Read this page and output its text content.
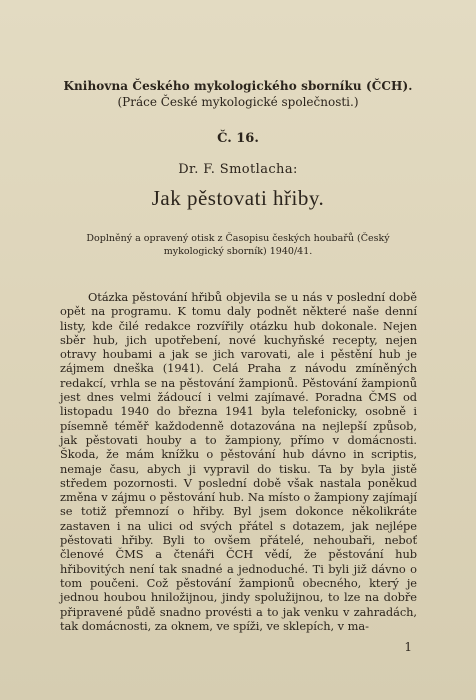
Knihovna Českého mykologického sborníku (ČCH).
(Práce České mykologické společnosti.)
Č. 16.
Dr. F. Smotlacha:
Jak pěstovati hřiby.
Doplněný a opravený otisk z Časopisu českých houbařů (Český mykologický sborník) 1940/41.

Otázka pěstování hřibů objevila se u nás v poslední době opět na programu. K tomu daly podnět některé naše denní listy, kde čilé redakce rozvířily otázku hub dokonale. Nejen sběr hub, jich upotřebení, nové kuchyňské recepty, nejen otravy houbami a jak se jich varovati, ale i pěstění hub je zájmem dneška (1941). Celá Praha z návodu zmíněných redakcí, vrhla se na pěstování žampionů. Pěstování žampionů jest dnes velmi žádoucí i velmi zajímavé. Poradna ČMS od listopadu 1940 do března 1941 byla telefonicky, osobně i písemně téměř každodenně dotazována na nejlepší způsob, jak pěstovati houby a to žampiony, přímo v domácnosti. Škoda, že mám knížku o pěstování hub dávno in scriptis, nemaje času, abych ji vypravil do tisku. Ta by byla jistě středem pozornosti. V poslední době však nastala poněkud změna v zájmu o pěstování hub. Na místo o žampiony zajímají se totiž přemnozí o hřiby. Byl jsem dokonce několikráte zastaven i na ulici od svých přátel s dotazem, jak nejlépe pěstovati hřiby. Byli to ovšem přátelé, nehoubaři, neboť členové ČMS a čtenáři ČCH vědí, že pěstování hub hřibovitých není tak snadné a jednoduché. Ti byli již dávno o tom poučeni. Což pěstování žampionů obecného, který je jednou houbou hniložijnou, jindy spolužijnou, to lze na dobře připravené půdě snadno provésti a to jak venku v zahradách, tak domácnosti, za oknem, ve spíži, ve sklepích, v ma-

1
